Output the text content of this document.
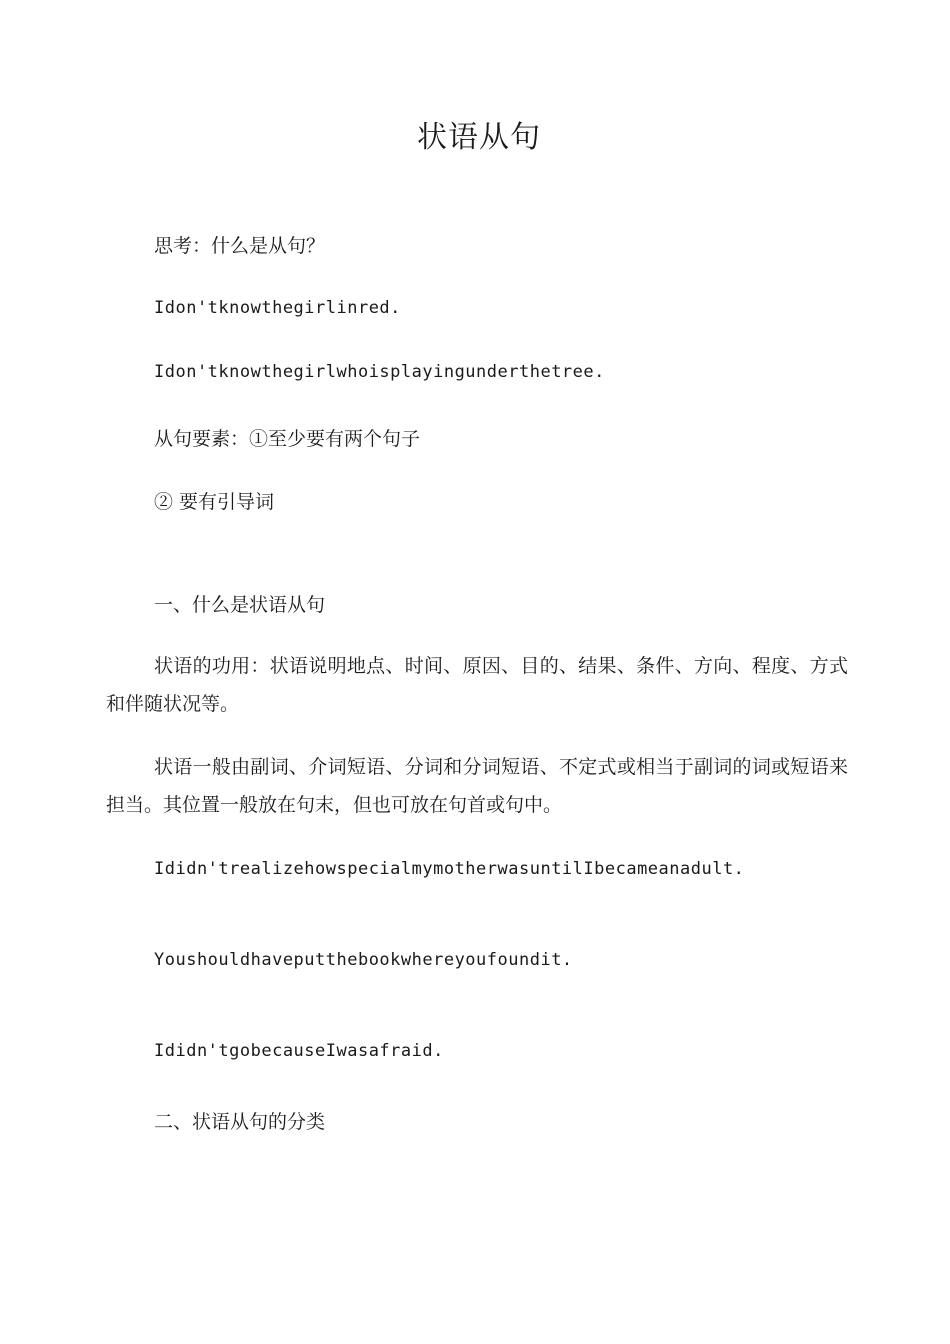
状语从句
思考：什么是从句？
Idon'tknowthegirlinred.
Idon'tknowthegirlwhoisplayingunderthetree.
从句要素：①至少要有两个句子
② 要有引导词
一、什么是状语从句
状语的功用：状语说明地点、时间、原因、目的、结果、条件、方向、程度、方式和伴随状况等。
状语一般由副词、介词短语、分词和分词短语、不定式或相当于副词的词或短语来担当。其位置一般放在句末，但也可放在句首或句中。
Ididn'trealizehowspecialmymotherwasuntilIbecameanadult.
Youshouldhaveputthebookwhereyoufoundit.
Ididn'tgobecauseIwasafraid.
二、状语从句的分类
